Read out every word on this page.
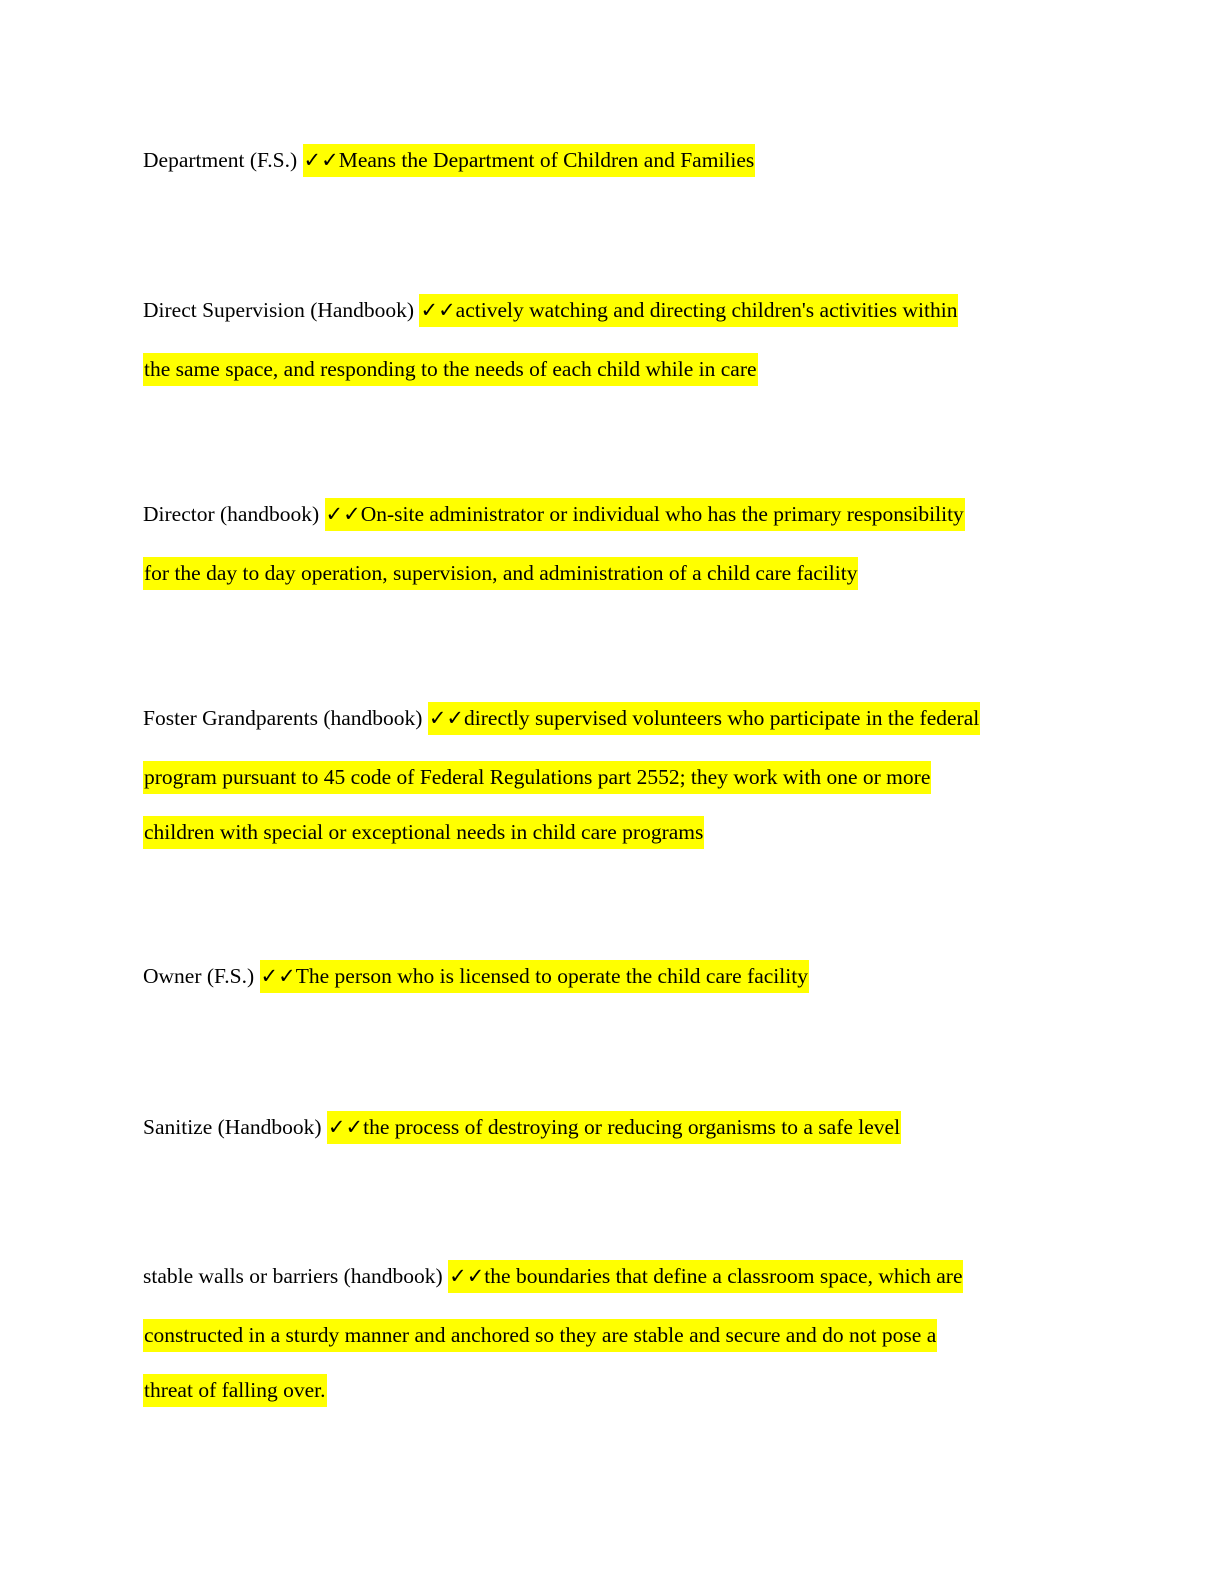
Department (F.S.) ✓✓Means the Department of Children and Families
Direct Supervision (Handbook) ✓✓actively watching and directing children's activities within
the same space, and responding to the needs of each child while in care
Director (handbook) ✓✓On-site administrator or individual who has the primary responsibility
for the day to day operation, supervision, and administration of a child care facility
Foster Grandparents (handbook) ✓✓directly supervised volunteers who participate in the federal
program pursuant to 45 code of Federal Regulations part 2552; they work with one or more
children with special or exceptional needs in child care programs
Owner (F.S.) ✓✓The person who is licensed to operate the child care facility
Sanitize (Handbook) ✓✓the process of destroying or reducing organisms to a safe level
stable walls or barriers (handbook) ✓✓the boundaries that define a classroom space, which are
constructed in a sturdy manner and anchored so they are stable and secure and do not pose a
threat of falling over.
